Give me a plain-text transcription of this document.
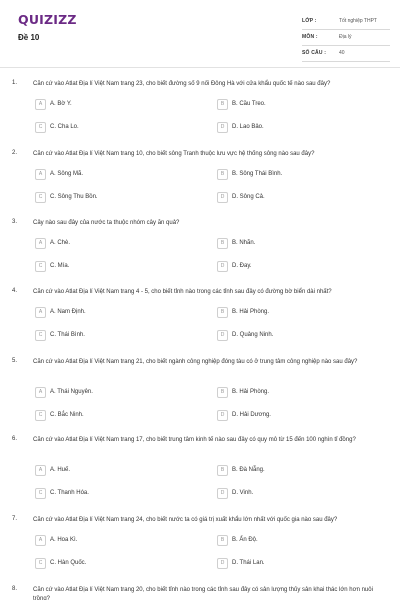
QUIZIZZ
Đề 10
LỚP :	Tốt nghiệp THPT
MÔN :	Địa lý
SỐ CÂU :	40
1.	Căn cứ vào Atlat Địa lí Việt Nam trang 23, cho biết đường số 9 nối Đông Hà với cửa khẩu quốc tế nào sau đây?
A	A. Bờ Y.	B	B. Cầu Treo.
C	C. Cha Lo.	D	D. Lao Bảo.
2.	Căn cứ vào Atlat Địa lí Việt Nam trang 10, cho biết sông Tranh thuộc lưu vực hệ thống sông nào sau đây?
A	A. Sông Mã.	B	B. Sông Thái Bình.
C	C. Sông Thu Bồn.	D	D. Sông Cả.
3.	Cây nào sau đây của nước ta thuộc nhóm cây ăn quả?
A	A. Chè.	B	B. Nhãn.
C	C. Mía.	D	D. Đay.
4.	Căn cứ vào Atlat Địa lí Việt Nam trang 4 - 5, cho biết tỉnh nào trong các tỉnh sau đây có đường bờ biển dài nhất?
A	A. Nam Định.	B	B. Hải Phòng.
C	C. Thái Bình.	D	D. Quảng Ninh.
5.	Căn cứ vào Atlat Địa lí Việt Nam trang 21, cho biết ngành công nghiệp đóng tàu có ở trung tâm công nghiệp nào sau đây?
A	A. Thái Nguyên.	B	B. Hải Phòng.
C	C. Bắc Ninh.	D	D. Hải Dương.
6.	Căn cứ vào Atlat Địa lí Việt Nam trang 17, cho biết trung tâm kinh tế nào sau đây có quy mô từ 15 đến 100 nghìn tỉ đồng?
A	A. Huế.	B	B. Đà Nẵng.
C	C. Thanh Hóa.	D	D. Vinh.
7.	Căn cứ vào Atlat Địa lí Việt Nam trang 24, cho biết nước ta có giá trị xuất khẩu lớn nhất với quốc gia nào sau đây?
A	A. Hoa Kì.	B	B. Ấn Độ.
C	C. Hàn Quốc.	D	D. Thái Lan.
8.	Căn cứ vào Atlat Địa lí Việt Nam trang 20, cho biết tỉnh nào trong các tỉnh sau đây có sản lượng thủy sản khai thác lớn hơn nuôi trồng?
